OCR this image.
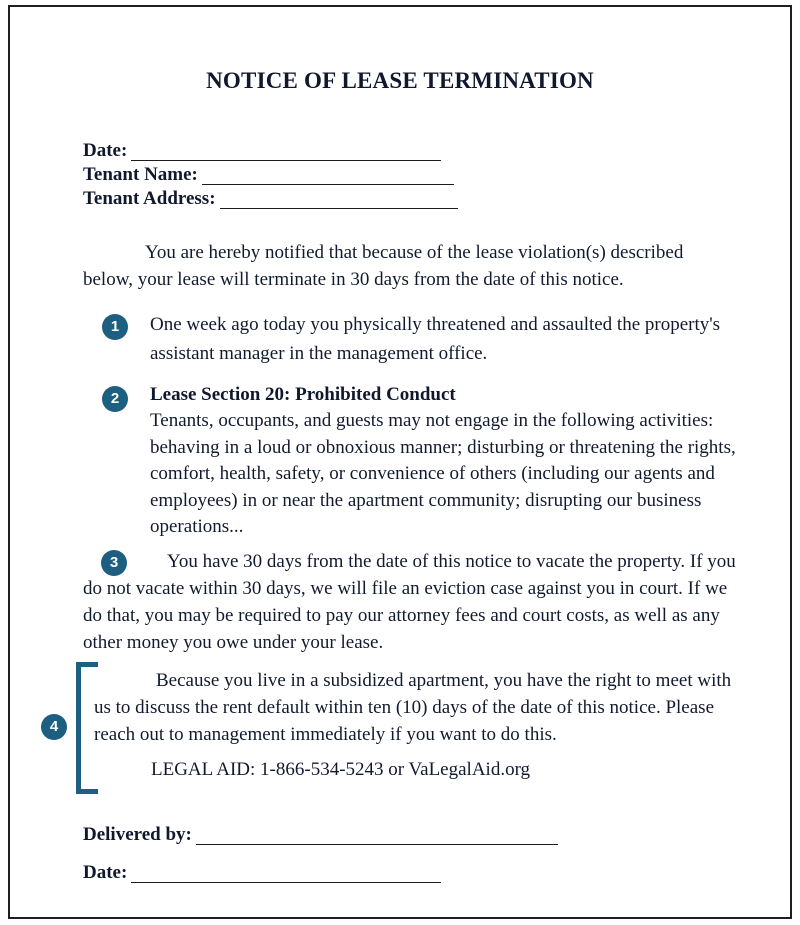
NOTICE OF LEASE TERMINATION
Date:
Tenant Name:
Tenant Address:
You are hereby notified that because of the lease violation(s) described below, your lease will terminate in 30 days from the date of this notice.
1	One week ago today you physically threatened and assaulted the property's assistant manager in the management office.
2	Lease Section 20: Prohibited Conduct
Tenants, occupants, and guests may not engage in the following activities: behaving in a loud or obnoxious manner; disturbing or threatening the rights, comfort, health, safety, or convenience of others (including our agents and employees) in or near the apartment community; disrupting our business operations...
3	You have 30 days from the date of this notice to vacate the property. If you do not vacate within 30 days, we will file an eviction case against you in court. If we do that, you may be required to pay our attorney fees and court costs, as well as any other money you owe under your lease.
4
Because you live in a subsidized apartment, you have the right to meet with us to discuss the rent default within ten (10) days of the date of this notice. Please reach out to management immediately if you want to do this.
LEGAL AID: 1-866-534-5243 or VaLegalAid.org
Delivered by:
Date:
